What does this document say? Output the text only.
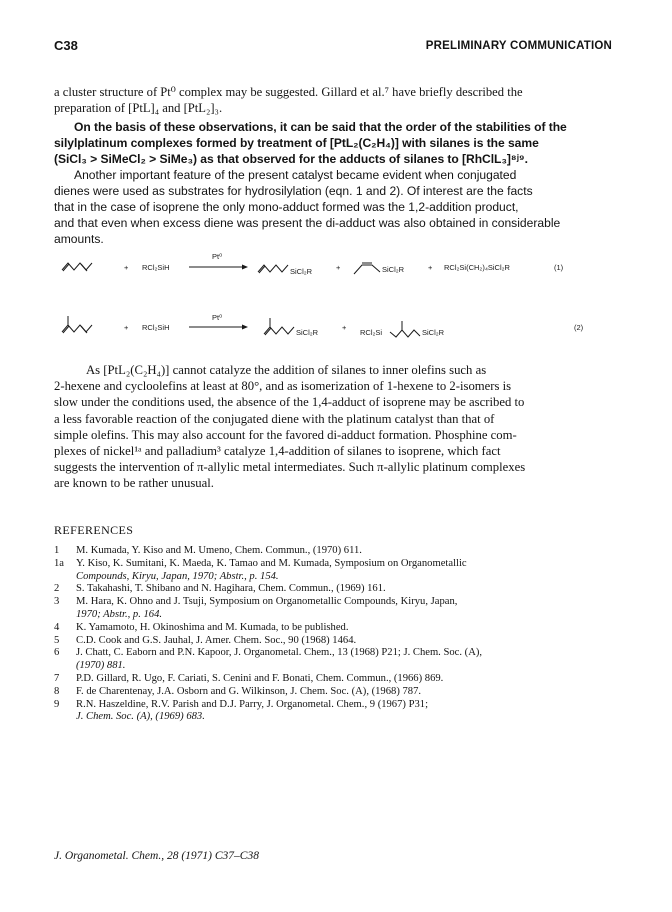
C38	PRELIMINARY COMMUNICATION
a cluster structure of Pt⁰ complex may be suggested. Gillard et al.⁷ have briefly described the
preparation of [PtL]₄ and [PtL₂]₃.
On the basis of these observations, it can be said that the order of the stabilities of the
silylplatinum complexes formed by treatment of [PtL₂(C₂H₄)] with silanes is the same
(SiCl₃ > SiMeCl₂ > SiMe₃) as that observed for the adducts of silanes to [RhClL₃]⁸ʲ⁹.
Another important feature of the present catalyst became evident when conjugated
dienes were used as substrates for hydrosilylation (eqn. 1 and 2). Of interest are the facts
that in the case of isoprene the only mono-adduct formed was the 1,2-addition product,
and that even when excess diene was present the di-adduct was also obtained in considerable
amounts.
+ RCl₂SiH
Pt⁰
SiCl₂R	+	SiCl₂R	+ RCl₂Si(CH₂)₄SiCl₂R	(1)
+ RCl₂SiH
Pt⁰
SiCl₂R
+
RCl₂Si	SiCl₂R
(2)
As [PtL₂(C₂H₄)] cannot catalyze the addition of silanes to inner olefins such as
2-hexene and cycloolefins at least at 80°, and as isomerization of 1-hexene to 2-isomers is
slow under the conditions used, the absence of the 1,4-adduct of isoprene may be ascribed to
a less favorable reaction of the conjugated diene with the platinum catalyst than that of
simple olefins. This may also account for the favored di-adduct formation. Phosphine com-
plexes of nickel¹ᵃ and palladium³ catalyze 1,4-addition of silanes to isoprene, which fact
suggests the intervention of π-allylic metal intermediates. Such π-allylic platinum complexes
are known to be rather unusual.
REFERENCES
1 M. Kumada, Y. Kiso and M. Umeno, Chem. Commun., (1970) 611.
1a Y. Kiso, K. Sumitani, K. Maeda, K. Tamao and M. Kumada, Symposium on Organometallic
Compounds, Kiryu, Japan, 1970; Abstr., p. 154.
2 S. Takahashi, T. Shibano and N. Hagihara, Chem. Commun., (1969) 161.
3 M. Hara, K. Ohno and J. Tsuji, Symposium on Organometallic Compounds, Kiryu, Japan,
1970; Abstr., p. 164.
4 K. Yamamoto, H. Okinoshima and M. Kumada, to be published.
5 C.D. Cook and G.S. Jauhal, J. Amer. Chem. Soc., 90 (1968) 1464.
6 J. Chatt, C. Eaborn and P.N. Kapoor, J. Organometal. Chem., 13 (1968) P21; J. Chem. Soc. (A),
(1970) 881.
7 P.D. Gillard, R. Ugo, F. Cariati, S. Cenini and F. Bonati, Chem. Commun., (1966) 869.
8 F. de Charentenay, J.A. Osborn and G. Wilkinson, J. Chem. Soc. (A), (1968) 787.
9 R.N. Haszeldine, R.V. Parish and D.J. Parry, J. Organometal. Chem., 9 (1967) P31;
J. Chem. Soc. (A), (1969) 683.
J. Organometal. Chem., 28 (1971) C37–C38
